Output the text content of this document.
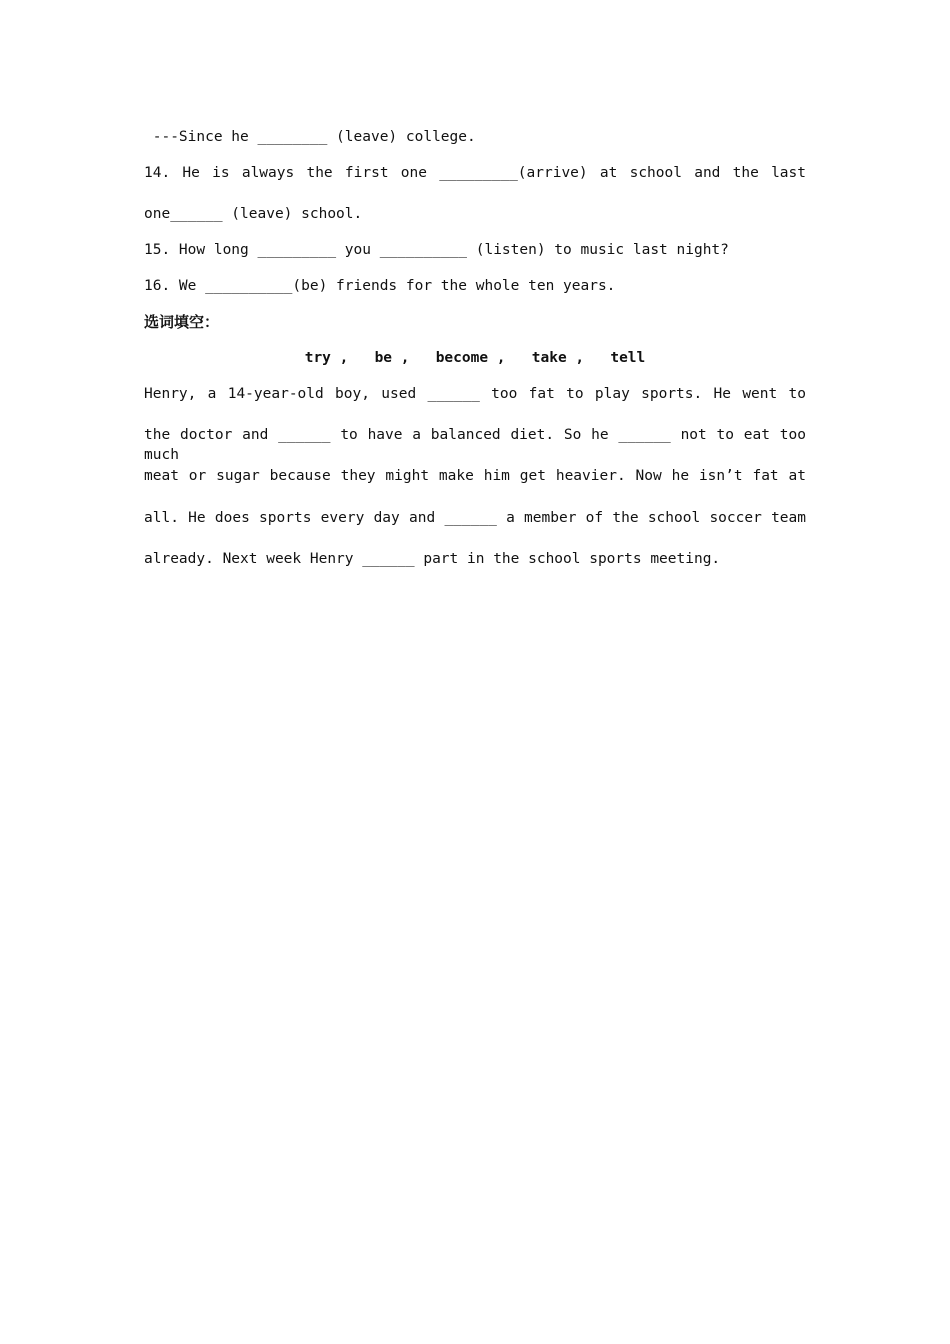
---Since he ________ (leave) college.
14. He is always the first one _________(arrive) at school and the last
one______ (leave) school.
15. How long _________ you __________ (listen) to music last night?
16. We __________(be) friends for the whole ten years.
选词填空：
try , be , become , take , tell
Henry, a 14-year-old boy, used ______ too fat to play sports. He went to
the doctor and ______ to have a balanced diet. So he ______ not to eat too much
meat or sugar because they might make him get heavier. Now he isn’t fat at
all. He does sports every day and ______ a member of the school soccer team
already. Next week Henry ______ part in the school sports meeting.
